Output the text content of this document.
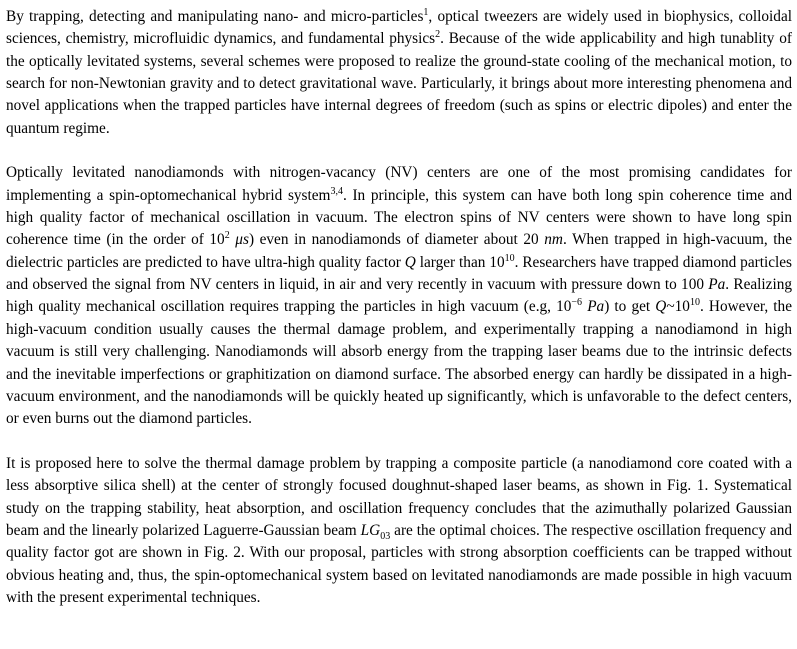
By trapping, detecting and manipulating nano- and micro-particles$^1$, optical tweezers are widely used in biophysics, colloidal sciences, chemistry, microfluidic dynamics, and fundamental physics$^2$. Because of the wide applicability and high tunablity of the optically levitated systems, several schemes were proposed to realize the ground-state cooling of the mechanical motion, to search for non-Newtonian gravity and to detect gravitational wave. Particularly, it brings about more interesting phenomena and novel applications when the trapped particles have internal degrees of freedom (such as spins or electric dipoles) and enter the quantum regime.

Optically levitated nanodiamonds with nitrogen-vacancy (NV) centers are one of the most promising candidates for implementing a spin-optomechanical hybrid system$^{3,4}$. In principle, this system can have both long spin coherence time and high quality factor of mechanical oscillation in vacuum. The electron spins of NV centers were shown to have long spin coherence time (in the order of $10^2$ μs) even in nanodiamonds of diameter about 20 nm. When trapped in high-vacuum, the dielectric particles are predicted to have ultra-high quality factor Q larger than $10^{10}$. Researchers have trapped diamond particles and observed the signal from NV centers in liquid, in air and very recently in vacuum with pressure down to 100 Pa. Realizing high quality mechanical oscillation requires trapping the particles in high vacuum (e.g, $10^{-6}$ Pa) to get $Q\sim 10^{10}$. However, the high-vacuum condition usually causes the thermal damage problem, and experimentally trapping a nanodiamond in high vacuum is still very challenging. Nanodiamonds will absorb energy from the trapping laser beams due to the intrinsic defects and the inevitable imperfections or graphitization on diamond surface. The absorbed energy can hardly be dissipated in a high-vacuum environment, and the nanodiamonds will be quickly heated up significantly, which is unfavorable to the defect centers, or even burns out the diamond particles.

It is proposed here to solve the thermal damage problem by trapping a composite particle (a nanodiamond core coated with a less absorptive silica shell) at the center of strongly focused doughnut-shaped laser beams, as shown in Fig. 1. Systematical study on the trapping stability, heat absorption, and oscillation frequency concludes that the azimuthally polarized Gaussian beam and the linearly polarized Laguerre-Gaussian beam $LG_{03}$ are the optimal choices. The respective oscillation frequency and quality factor got are shown in Fig. 2. With our proposal, particles with strong absorption coefficients can be trapped without obvious heating and, thus, the spin-optomechanical system based on levitated nanodiamonds are made possible in high vacuum with the present experimental techniques.
